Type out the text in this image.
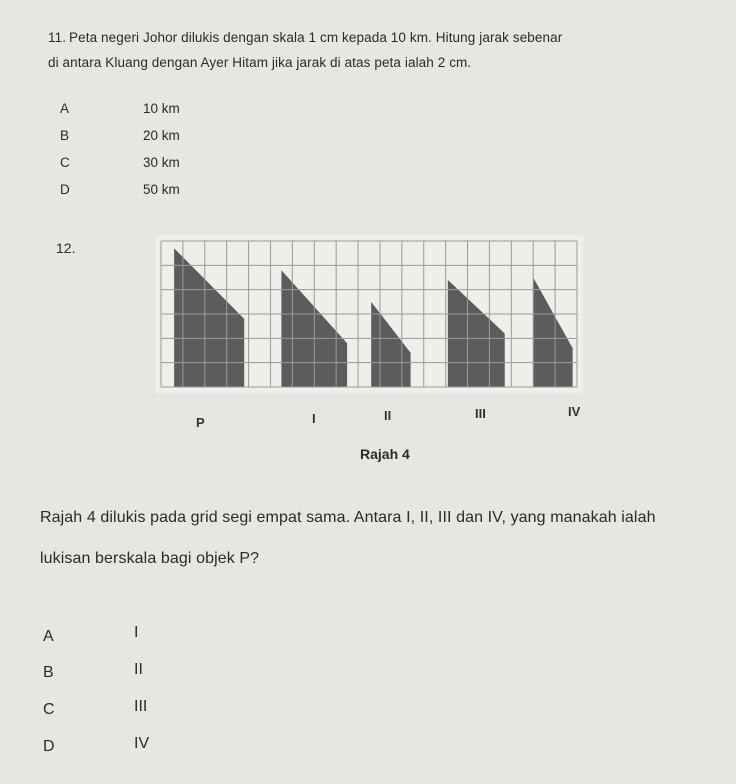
11. Peta negeri Johor dilukis dengan skala 1 cm kepada 10 km. Hitung jarak sebenar
di antara Kluang dengan Ayer Hitam jika jarak di atas peta ialah 2 cm.
A	10 km
B	20 km
C	30 km
D	50 km
12.
P	I	II	III	IV
Rajah 4
Rajah 4 dilukis pada grid segi empat sama. Antara I, II, III dan IV, yang manakah ialah
lukisan berskala bagi objek P?
A	I
B	II
C	III
D	IV
